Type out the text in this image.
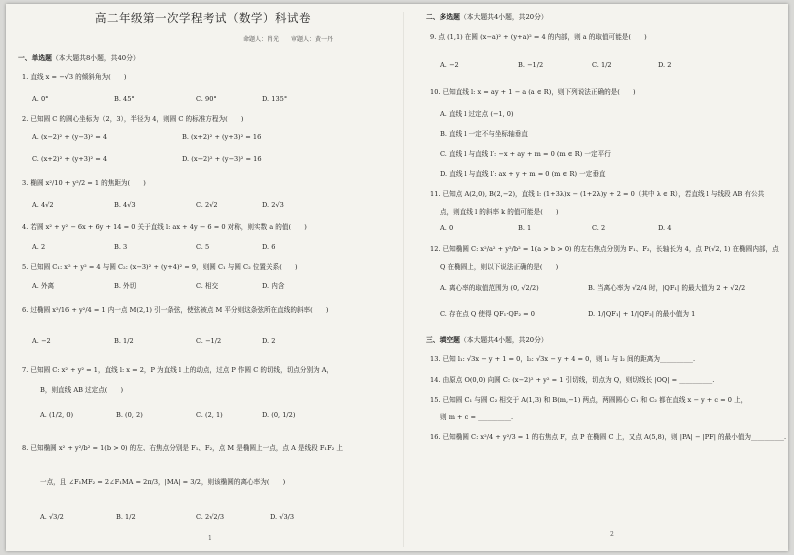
高二年级第一次学程考试（数学）科试卷
命题人：肖光　　审题人：黄一丹
一、单选题（本大题共8小题，共40分）
1. 直线 x = −√3 的倾斜角为(　　)
A. 0°	B. 45°	C. 90°	D. 135°
2. 已知圆 C 的圆心坐标为（2，3），半径为 4，则圆 C 的标准方程为(　　)
A. (x−2)² + (y−3)² = 4	B. (x+2)² + (y+3)² = 16
C. (x+2)² + (y+3)² = 4	D. (x−2)² + (y−3)² = 16
3. 椭圆 x²/10 + y²/2 = 1 的焦距为(　　)
A. 4√2	B. 4√3	C. 2√2	D. 2√3
4. 若圆 x² + y² − 6x + 6y + 14 = 0 关于直线 l: ax + 4y − 6 = 0 对称，则实数 a 的值(　　)
A. 2	B. 3	C. 5	D. 6
5. 已知圆 C₁: x² + y² = 4 与圆 C₂: (x−3)² + (y+4)² = 9，则圆 C₁ 与圆 C₂ 位置关系(　　)
A. 外离	B. 外切	C. 相交	D. 内含
6. 过椭圆 x²/16 + y²/4 = 1 内一点 M(2,1) 引一条弦，使弦被点 M 平分则这条弦所在直线的斜率(　　)
A. −2	B. 1/2	C. −1/2	D. 2
7. 已知圆 C: x² + y² = 1，直线 l: x = 2，P 为直线 l 上的动点，过点 P 作圆 C 的切线，切点分别为 A，
B，则直线 AB 过定点(　　)
A. (1/2, 0)	B. (0, 2)	C. (2, 1)	D. (0, 1/2)
8. 已知椭圆 x² + y²/b² = 1(b > 0) 的左、右焦点分别是 F₁、F₂，点 M 是椭圆上一点，点 A 是线段 F₁F₂ 上
一点，且 ∠F₁MF₂ = 2∠F₁MA = 2π/3，|MA| = 3/2，则该椭圆的离心率为(　　)
A. √3/2	B. 1/2	C. 2√2/3	D. √3/3
1
二、多选题（本大题共4小题，共20分）
9. 点 (1,1) 在圆 (x−a)² + (y+a)² = 4 的内部，则 a 的取值可能是(　　)
A. −2	B. −1/2	C. 1/2	D. 2
10. 已知直线 l: x = ay + 1 − a (a ∈ R)，则下列说法正确的是(　　)
A. 直线 l 过定点 (−1, 0)
B. 直线 l 一定不与坐标轴垂直
C. 直线 l 与直线 l′: −x + ay + m = 0 (m ∈ R) 一定平行
D. 直线 l 与直线 l′: ax + y + m = 0 (m ∈ R) 一定垂直
11. 已知点 A(2,0), B(2,−2)，直线 l: (1+3λ)x − (1+2λ)y + 2 = 0（其中 λ ∈ R），若直线 l 与线段 AB 有公共
点，则直线 l 的斜率 k 的值可能是(　　)
A. 0	B. 1	C. 2	D. 4
12. 已知椭圆 C: x²/a² + y²/b² = 1(a > b > 0) 的左右焦点分别为 F₁、F₂，长轴长为 4，点 P(√2, 1) 在椭圆内部，点
Q 在椭圆上，则以下说法正确的是(　　)
A. 离心率的取值范围为 (0, √2/2)	B. 当离心率为 √2/4 时，|QF₁| 的最大值为 2 + √2/2
C. 存在点 Q 使得 QF₁·QF₂ = 0	D. 1/|QF₁| + 1/|QF₂| 的最小值为 1
三、填空题（本大题共4小题，共20分）
13. 已知 l₁: √3x − y + 1 = 0，l₂: √3x − y + 4 = 0，则 l₁ 与 l₂ 间的距离为__________.
14. 由原点 O(0,0) 向圆 C: (x−2)² + y² = 1 引切线，切点为 Q，则切线长 |OQ| = __________.
15. 已知圆 C₁ 与圆 C₂ 相交于 A(1,3) 和 B(m,−1) 两点，两圆圆心 C₁ 和 C₂ 都在直线 x − y + c = 0 上，
则 m + c = __________.
16. 已知椭圆 C: x²/4 + y²/3 = 1 的右焦点 F，点 P 在椭圆 C 上，又点 A(5,8)，则 |PA| − |PF| 的最小值为__________.
2
